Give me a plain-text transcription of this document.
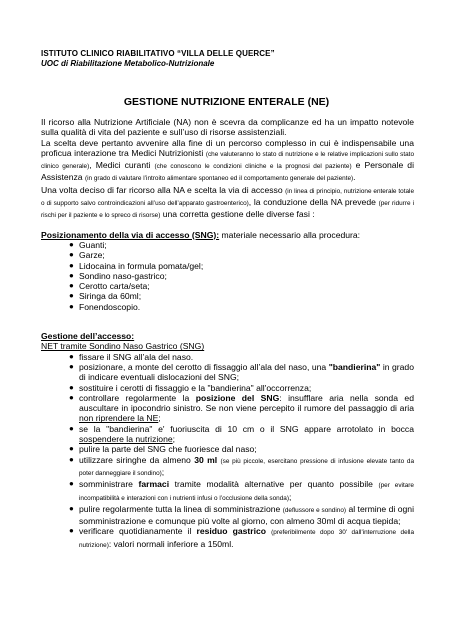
ISTITUTO CLINICO RIABILITATIVO “VILLA DELLE QUERCE”
UOC di Riabilitazione Metabolico-Nutrizionale
GESTIONE NUTRIZIONE ENTERALE (NE)

Il ricorso alla Nutrizione Artificiale (NA) non è scevra da complicanze ed ha un impatto notevole sulla qualità di vita del paziente e sull’uso di risorse assistenziali.

La scelta deve pertanto avvenire alla fine di un percorso complesso in cui è indispensabile una proficua interazione tra Medici Nutrizionisti (che valuteranno lo stato di nutrizione e le relative implicazioni sullo stato clinico generale), Medici curanti (che conoscono le condizioni cliniche e la prognosi del paziente) e Personale di Assistenza (in grado di valutare l’introito alimentare spontaneo ed il comportamento generale del paziente).

Una volta deciso di far ricorso alla NA e scelta la via di accesso (in linea di principio, nutrizione enterale totale o di supporto salvo controindicazioni all’uso dell’apparato gastroenterico), la conduzione della NA prevede (per ridurre i rischi per il paziente e lo spreco di risorse) una corretta gestione delle diverse fasi :

Posizionamento della via di accesso (SNG): materiale necessario alla procedura:

● Guanti;
● Garze;
● Lidocaina in formula pomata/gel;
● Sondino naso-gastrico;
● Cerotto carta/seta;
● Siringa da 60ml;
● Fonendoscopio.

Gestione dell’accesso:

NET tramite Sondino Naso Gastrico (SNG)

● fissare il SNG all’ala del naso.
● posizionare, a monte del cerotto di fissaggio all’ala del naso, una "bandierina" in grado di indicare eventuali dislocazioni del SNG;
● sostituire i cerotti di fissaggio e la "bandierina" all'occorrenza;
● controllare regolarmente la posizione del SNG: insufflare aria nella sonda ed auscultare in ipocondrio sinistro. Se non viene percepito il rumore del passaggio di aria non riprendere la NE;
● se la "bandierina" e' fuoriuscita di 10 cm o il SNG appare arrotolato in bocca sospendere la nutrizione;
● pulire la parte del SNG che fuoriesce dal naso;
● utilizzare siringhe da almeno 30 ml (se più piccole, esercitano pressione di infusione elevate tanto da poter danneggiare il sondino);
● somministrare farmaci tramite modalità alternative per quanto possibile (per evitare incompatibilità e interazioni con i nutrienti infusi o l’occlusione della sonda);
● pulire regolarmente tutta la linea di somministrazione (deflussore e sondino) al termine di ogni somministrazione e comunque più volte al giorno, con almeno 30ml di acqua tiepida;
● verificare quotidianamente il residuo gastrico (preferibilmente dopo 30' dall'interruzione della nutrizione): valori normali inferiore a 150ml.
